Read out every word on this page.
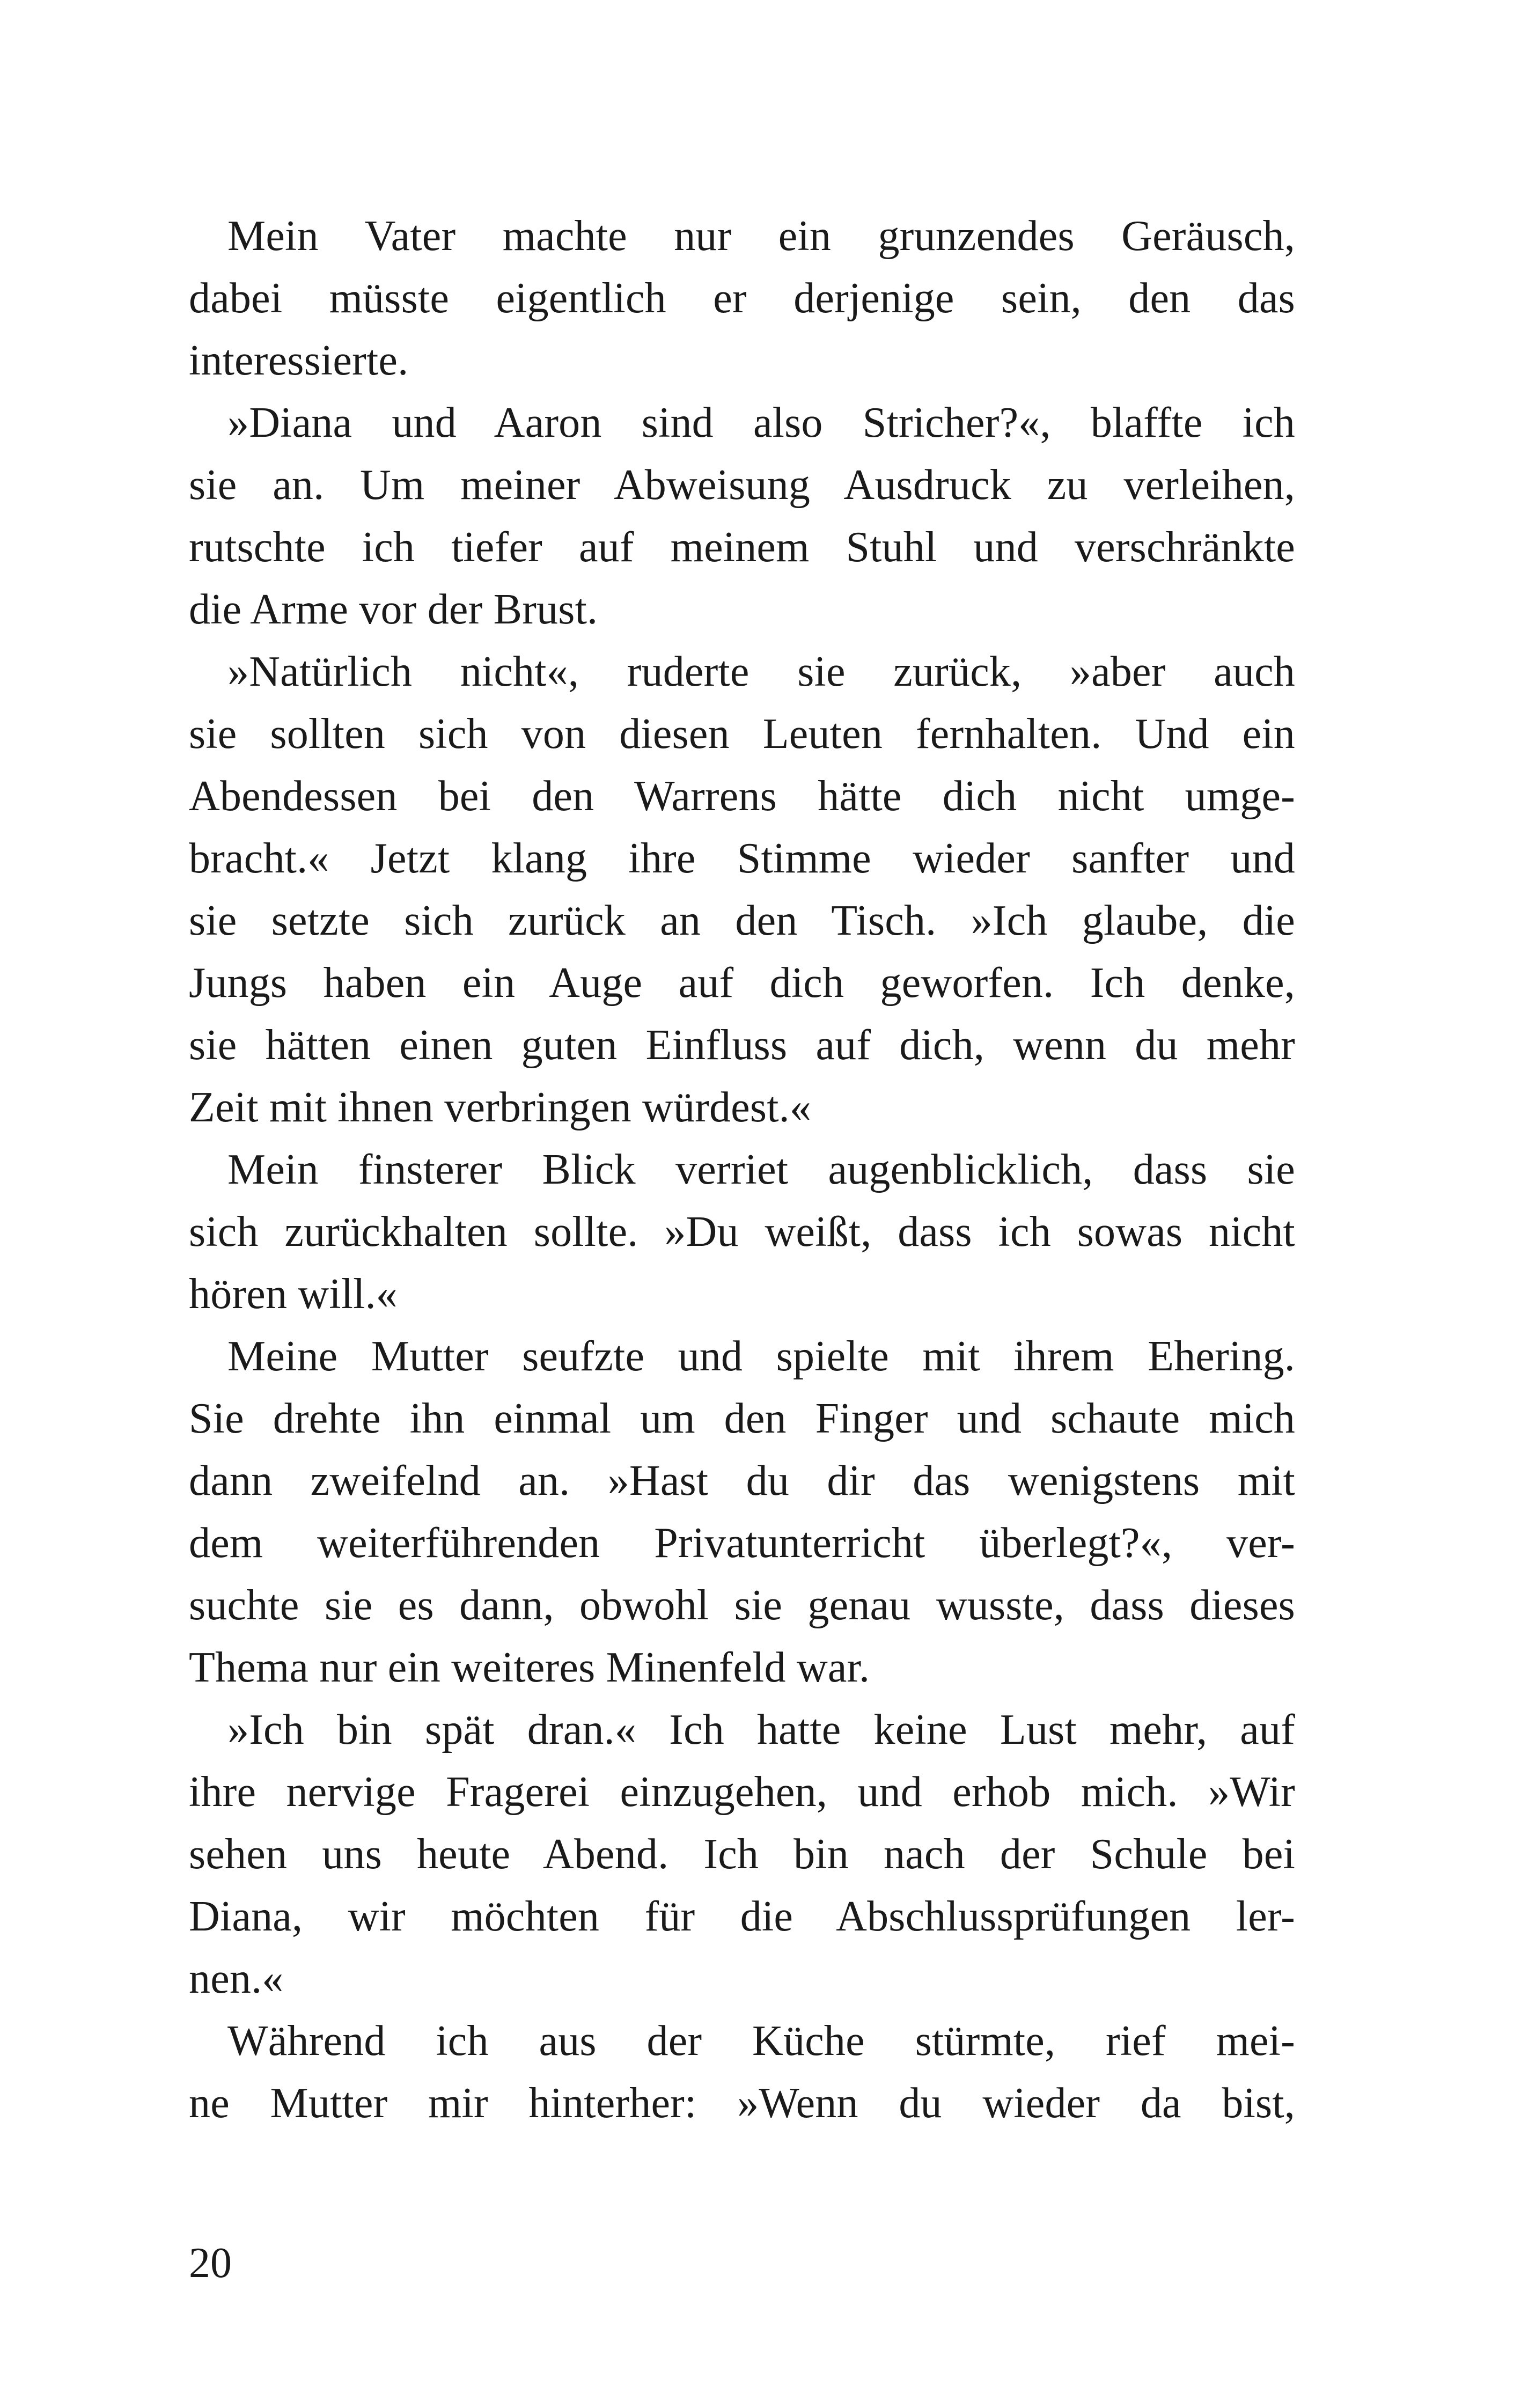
Mein Vater machte nur ein grunzendes Geräusch,
dabei müsste eigentlich er derjenige sein, den das
interessierte.
»Diana und Aaron sind also Stricher?«, blaffte ich
sie an. Um meiner Abweisung Ausdruck zu verleihen,
rutschte ich tiefer auf meinem Stuhl und verschränkte
die Arme vor der Brust.
»Natürlich nicht«, ruderte sie zurück, »aber auch
sie sollten sich von diesen Leuten fernhalten. Und ein
Abendessen bei den Warrens hätte dich nicht umge-
bracht.« Jetzt klang ihre Stimme wieder sanfter und
sie setzte sich zurück an den Tisch. »Ich glaube, die
Jungs haben ein Auge auf dich geworfen. Ich denke,
sie hätten einen guten Einfluss auf dich, wenn du mehr
Zeit mit ihnen verbringen würdest.«
Mein finsterer Blick verriet augenblicklich, dass sie
sich zurückhalten sollte. »Du weißt, dass ich sowas nicht
hören will.«
Meine Mutter seufzte und spielte mit ihrem Ehering.
Sie drehte ihn einmal um den Finger und schaute mich
dann zweifelnd an. »Hast du dir das wenigstens mit
dem weiterführenden Privatunterricht überlegt?«, ver-
suchte sie es dann, obwohl sie genau wusste, dass dieses
Thema nur ein weiteres Minenfeld war.
»Ich bin spät dran.« Ich hatte keine Lust mehr, auf
ihre nervige Fragerei einzugehen, und erhob mich. »Wir
sehen uns heute Abend. Ich bin nach der Schule bei
Diana, wir möchten für die Abschlussprüfungen ler-
nen.«
Während ich aus der Küche stürmte, rief mei-
ne Mutter mir hinterher: »Wenn du wieder da bist,
20
